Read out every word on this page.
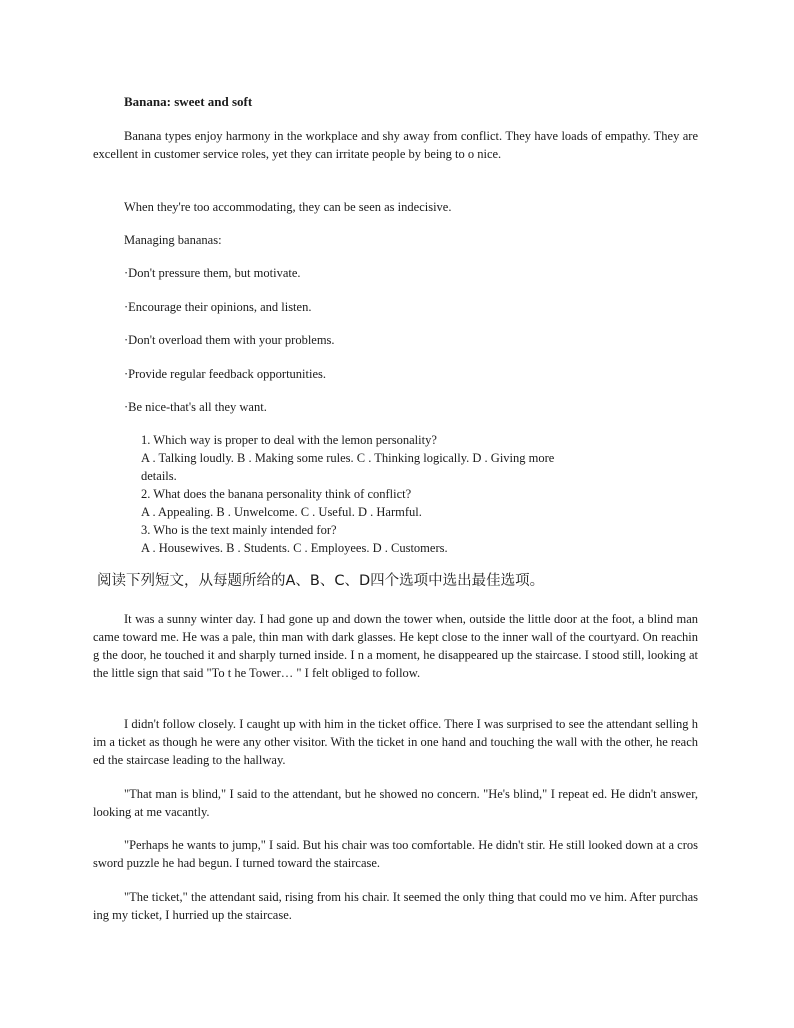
Banana: sweet and soft

Banana types enjoy harmony in the workplace and shy away from conflict. They have loads of empathy. They are excellent in customer service roles, yet they can irritate people by being to o nice.

When they're too accommodating, they can be seen as indecisive.

Managing bananas:

·Don't pressure them, but motivate.

·Encourage their opinions, and listen.

·Don't overload them with your problems.

·Provide regular feedback opportunities.

·Be nice-that's all they want.

1. Which way is proper to deal with the lemon personality?

A . Talking loudly. B . Making some rules. C . Thinking logically. D . Giving more details.

2. What does the banana personality think of conflict?

A . Appealing. B . Unwelcome. C . Useful. D . Harmful.

3. Who is the text mainly intended for?

A . Housewives. B . Students. C . Employees. D . Customers.

阅读下列短文，从每题所给的A、B、C、D四个选项中选出最佳选项。

It was a sunny winter day. I had gone up and down the tower when, outside the little door at the foot, a blind man came toward me. He was a pale, thin man with dark glasses. He kept close to the inner wall of the courtyard. On reaching the door, he touched it and sharply turned inside. I n a moment, he disappeared up the staircase. I stood still, looking at the little sign that said "To t he Tower… " I felt obliged to follow.

I didn't follow closely. I caught up with him in the ticket office. There I was surprised to see the attendant selling him a ticket as though he were any other visitor. With the ticket in one hand and touching the wall with the other, he reached the staircase leading to the hallway.

"That man is blind," I said to the attendant, but he showed no concern. "He's blind," I repeat ed. He didn't answer, looking at me vacantly.

"Perhaps he wants to jump," I said. But his chair was too comfortable. He didn't stir. He still looked down at a crossword puzzle he had begun. I turned toward the staircase.

"The ticket," the attendant said, rising from his chair. It seemed the only thing that could mo ve him. After purchasing my ticket, I hurried up the staircase.
